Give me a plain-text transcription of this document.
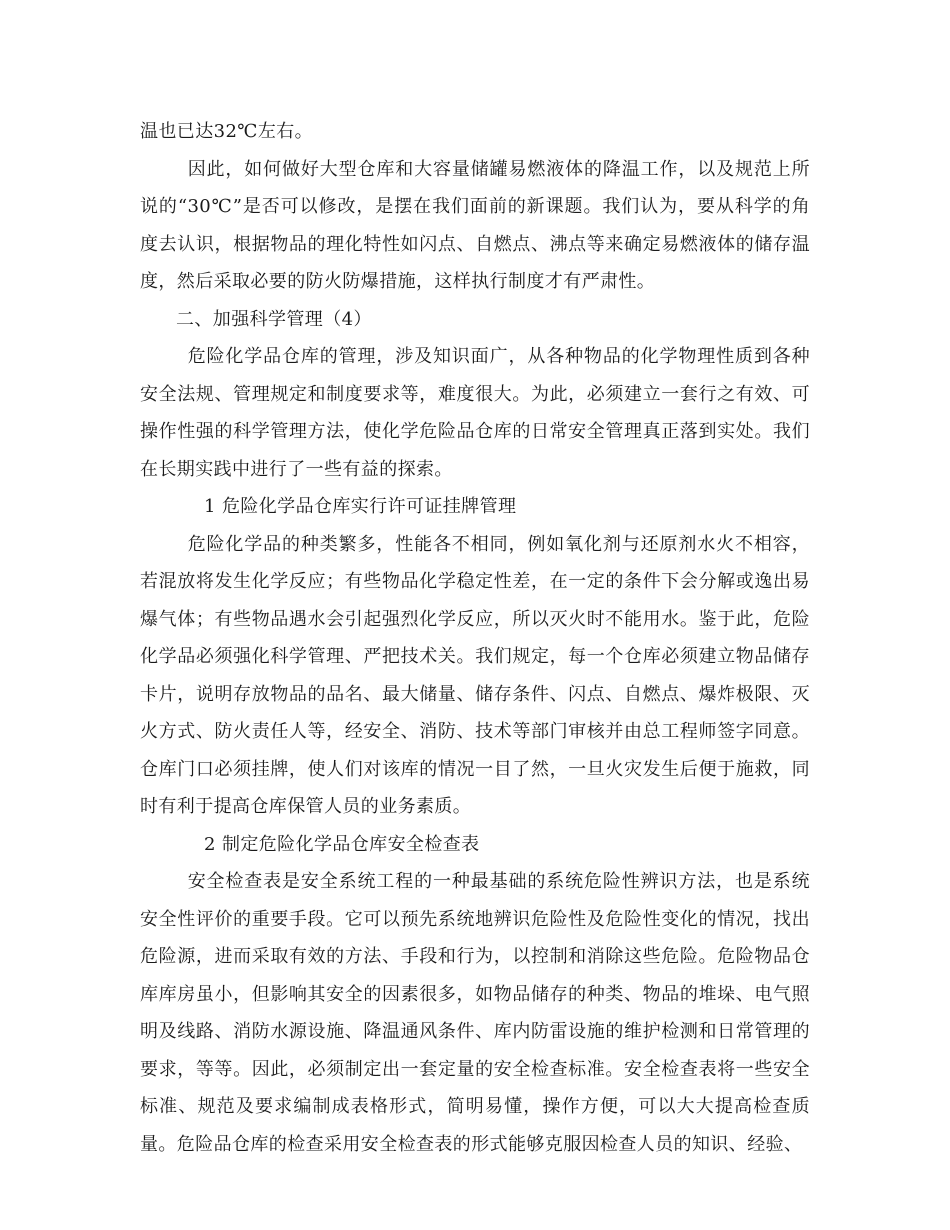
温也已达32℃左右。

因此，如何做好大型仓库和大容量储罐易燃液体的降温工作，以及规范上所说的“30℃”是否可以修改，是摆在我们面前的新课题。我们认为，要从科学的角度去认识，根据物品的理化特性如闪点、自燃点、沸点等来确定易燃液体的储存温度，然后采取必要的防火防爆措施，这样执行制度才有严肃性。

二、加强科学管理（4）

危险化学品仓库的管理，涉及知识面广，从各种物品的化学物理性质到各种安全法规、管理规定和制度要求等，难度很大。为此，必须建立一套行之有效、可操作性强的科学管理方法，使化学危险品仓库的日常安全管理真正落到实处。我们在长期实践中进行了一些有益的探索。

1 危险化学品仓库实行许可证挂牌管理

危险化学品的种类繁多，性能各不相同，例如氧化剂与还原剂水火不相容，若混放将发生化学反应；有些物品化学稳定性差，在一定的条件下会分解或逸出易爆气体；有些物品遇水会引起强烈化学反应，所以灭火时不能用水。鉴于此，危险化学品必须强化科学管理、严把技术关。我们规定，每一个仓库必须建立物品储存卡片，说明存放物品的品名、最大储量、储存条件、闪点、自燃点、爆炸极限、灭火方式、防火责任人等，经安全、消防、技术等部门审核并由总工程师签字同意。仓库门口必须挂牌，使人们对该库的情况一目了然，一旦火灾发生后便于施救，同时有利于提高仓库保管人员的业务素质。

2 制定危险化学品仓库安全检查表

安全检查表是安全系统工程的一种最基础的系统危险性辨识方法，也是系统安全性评价的重要手段。它可以预先系统地辨识危险性及危险性变化的情况，找出危险源，进而采取有效的方法、手段和行为，以控制和消除这些危险。危险物品仓库库房虽小，但影响其安全的因素很多，如物品储存的种类、物品的堆垛、电气照明及线路、消防水源设施、降温通风条件、库内防雷设施的维护检测和日常管理的要求，等等。因此，必须制定出一套定量的安全检查标准。安全检查表将一些安全标准、规范及要求编制成表格形式，简明易懂，操作方便，可以大大提高检查质量。危险品仓库的检查采用安全检查表的形式能够克服因检查人员的知识、经验、
